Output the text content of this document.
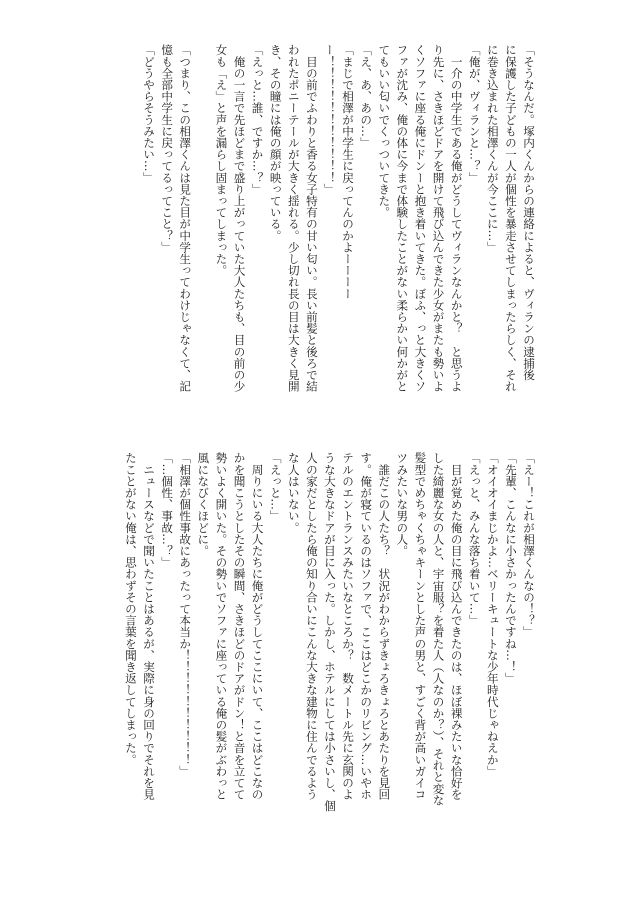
「そうなんだ。塚内くんからの連絡によると、ヴィランの逮捕後
に保護した子どもの一人が個性を暴走させてしまったらしく、それ
に巻き込まれた相澤くんが今ここに…」
「俺が、ヴィランと…？」
　一介の中学生である俺がどうしてヴィランなんかと？　と思うよ
り先に、さきほどドアを開けて飛び込んできた少女がまたも勢いよ
くソファに座る俺にドンーと抱き着いてきた。ぼふ、っと大きくソ
ファが沈み、俺の体に今まで体験したことがない柔らかい何かがと
てもいい匂いでくっついてきた。
「え、あ、あの…」
「まじで相澤が中学生に戻ってんのかよーーーー
ー！！！！！！！！！！！」
　目の前でふわりと香る女子特有の甘い匂い。長い前髪と後ろで結
われたポニーテールが大きく揺れる。少し切れ長の目は大きく見開
き、その瞳には俺の顔が映っている。
「えっと…誰、ですか…？」
　俺の一言で先ほどまで盛り上がっていた大人たちも、目の前の少
女も「え」と声を漏らし固まってしまった。

「つまり、この相澤くんは見た目が中学生ってわけじゃなくて、記
憶も全部中学生に戻ってるってこと？」
「どうやらそうみたい…」
「えー！これが相澤くんなの！？」
「先輩、こんなに小さかったんですね…！」
「オイオイまじかよ…ベリーキュートな少年時代じゃねえか」
「えっと、みんな落ち着いて…」
　目が覚めた俺の目に飛び込んできたのは、ほぼ裸みたいな恰好を
した綺麗な女の人と、宇宙服？を着た人（人なのか？）、それと変な
髪型でめちゃくちゃキーンとした声の男と、すごく背が高いガイコ
ツみたいな男の人。
　誰だこの人たち？　状況がわからずきょろきょろとあたりを見回
す。俺が寝ているのはソファで、ここはどこかのリビング…いやホ
テルのエントランスみたいなところか？　数メートル先に玄関のよ
うな大きなドアが目に入った。しかし、ホテルにしては小さいし、個
人の家だとしたら俺の知り合いにこんな大きな建物に住んでるよう
な人はいない。
「えっと…」
　周りにいる大人たちに俺がどうしてここにいて、ここはどこなの
かを聞こうとしたその瞬間、さきほどのドアがドン！と音を立てて
勢いよく開いた。その勢いでソファに座っている俺の髪がぶわっと
風になびくほどに。
「相澤が個性事故にあったって本当か！！！！！！！！！！」
「…個性、事故…？」
　ニュースなどで聞いたことはあるが、実際に身の回りでそれを見
たことがない俺は、思わずその言葉を聞き返してしまった。
